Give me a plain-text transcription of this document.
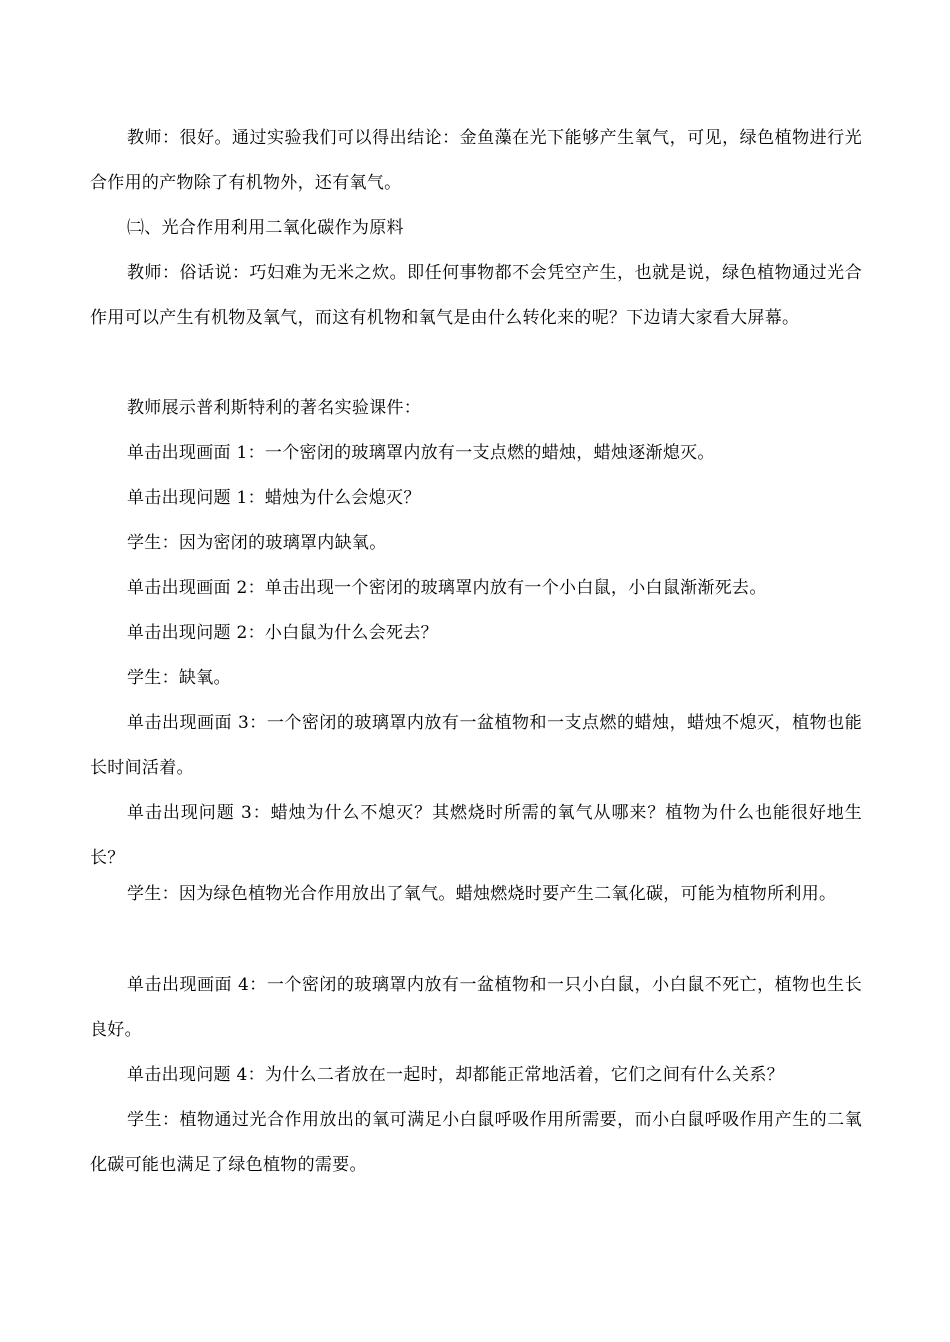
教师：很好。通过实验我们可以得出结论：金鱼藻在光下能够产生氧气，可见，绿色植物进行光合作用的产物除了有机物外，还有氧气。

㈡、光合作用利用二氧化碳作为原料

教师：俗话说：巧妇难为无米之炊。即任何事物都不会凭空产生，也就是说，绿色植物通过光合作用可以产生有机物及氧气，而这有机物和氧气是由什么转化来的呢？下边请大家看大屏幕。

教师展示普利斯特利的著名实验课件：

单击出现画面 1：一个密闭的玻璃罩内放有一支点燃的蜡烛，蜡烛逐渐熄灭。

单击出现问题 1：蜡烛为什么会熄灭？

学生：因为密闭的玻璃罩内缺氧。

单击出现画面 2：单击出现一个密闭的玻璃罩内放有一个小白鼠，小白鼠渐渐死去。

单击出现问题 2：小白鼠为什么会死去？

学生：缺氧。

单击出现画面 3：一个密闭的玻璃罩内放有一盆植物和一支点燃的蜡烛，蜡烛不熄灭，植物也能长时间活着。

单击出现问题 3：蜡烛为什么不熄灭？其燃烧时所需的氧气从哪来？植物为什么也能很好地生长？

学生：因为绿色植物光合作用放出了氧气。蜡烛燃烧时要产生二氧化碳，可能为植物所利用。

单击出现画面 4：一个密闭的玻璃罩内放有一盆植物和一只小白鼠，小白鼠不死亡，植物也生长良好。

单击出现问题 4：为什么二者放在一起时，却都能正常地活着，它们之间有什么关系？

学生：植物通过光合作用放出的氧可满足小白鼠呼吸作用所需要，而小白鼠呼吸作用产生的二氧化碳可能也满足了绿色植物的需要。
